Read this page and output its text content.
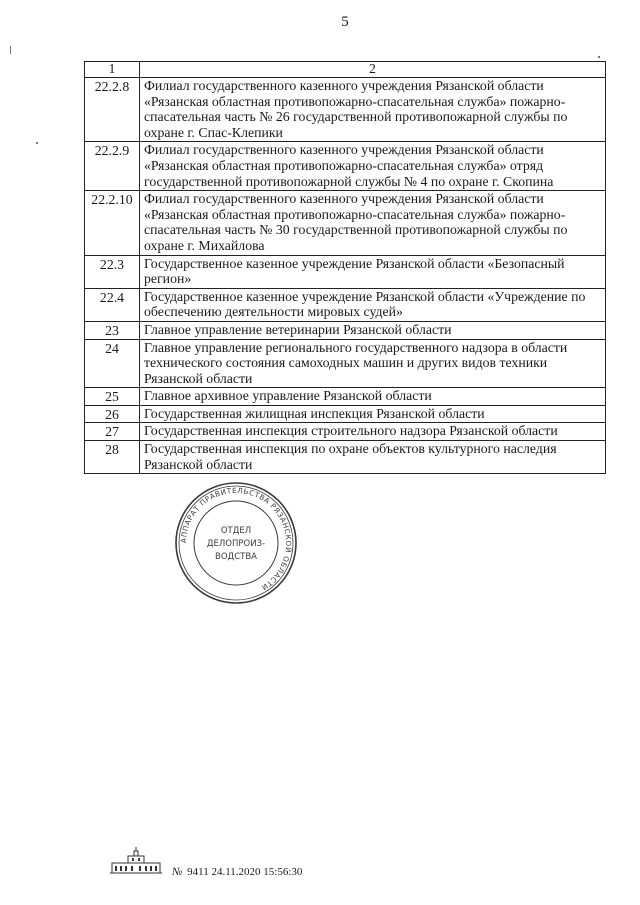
5
1	2
22.2.8	Филиал государственного казенного учреждения Рязанской области «Рязанская областная противопожарно-спасательная служба» пожарно-спасательная часть № 26 государственной противопожарной службы по охране г. Спас-Клепики
22.2.9	Филиал государственного казенного учреждения Рязанской области «Рязанская областная противопожарно-спасательная служба» отряд государственной противопожарной службы № 4 по охране г. Скопина
22.2.10	Филиал государственного казенного учреждения Рязанской области «Рязанская областная противопожарно-спасательная служба» пожарно-спасательная часть № 30 государственной противопожарной службы по охране г. Михайлова
22.3	Государственное казенное учреждение Рязанской области «Безопасный регион»
22.4	Государственное казенное учреждение Рязанской области «Учреждение по обеспечению деятельности мировых судей»
23	Главное управление ветеринарии Рязанской области
24	Главное управление регионального государственного надзора в области технического состояния самоходных машин и других видов техники Рязанской области
25	Главное архивное управление Рязанской области
26	Государственная жилищная инспекция Рязанской области
27	Государственная инспекция строительного надзора Рязанской области
28	Государственная инспекция по охране объектов культурного наследия Рязанской области
АППАРАТ ПРАВИТЕЛЬСТВА РЯЗАНСКОЙ ОБЛАСТИ
ОТДЕЛ
ДЕЛОПРОИЗ-
ВОДСТВА
№ 9411 24.11.2020 15:56:30
